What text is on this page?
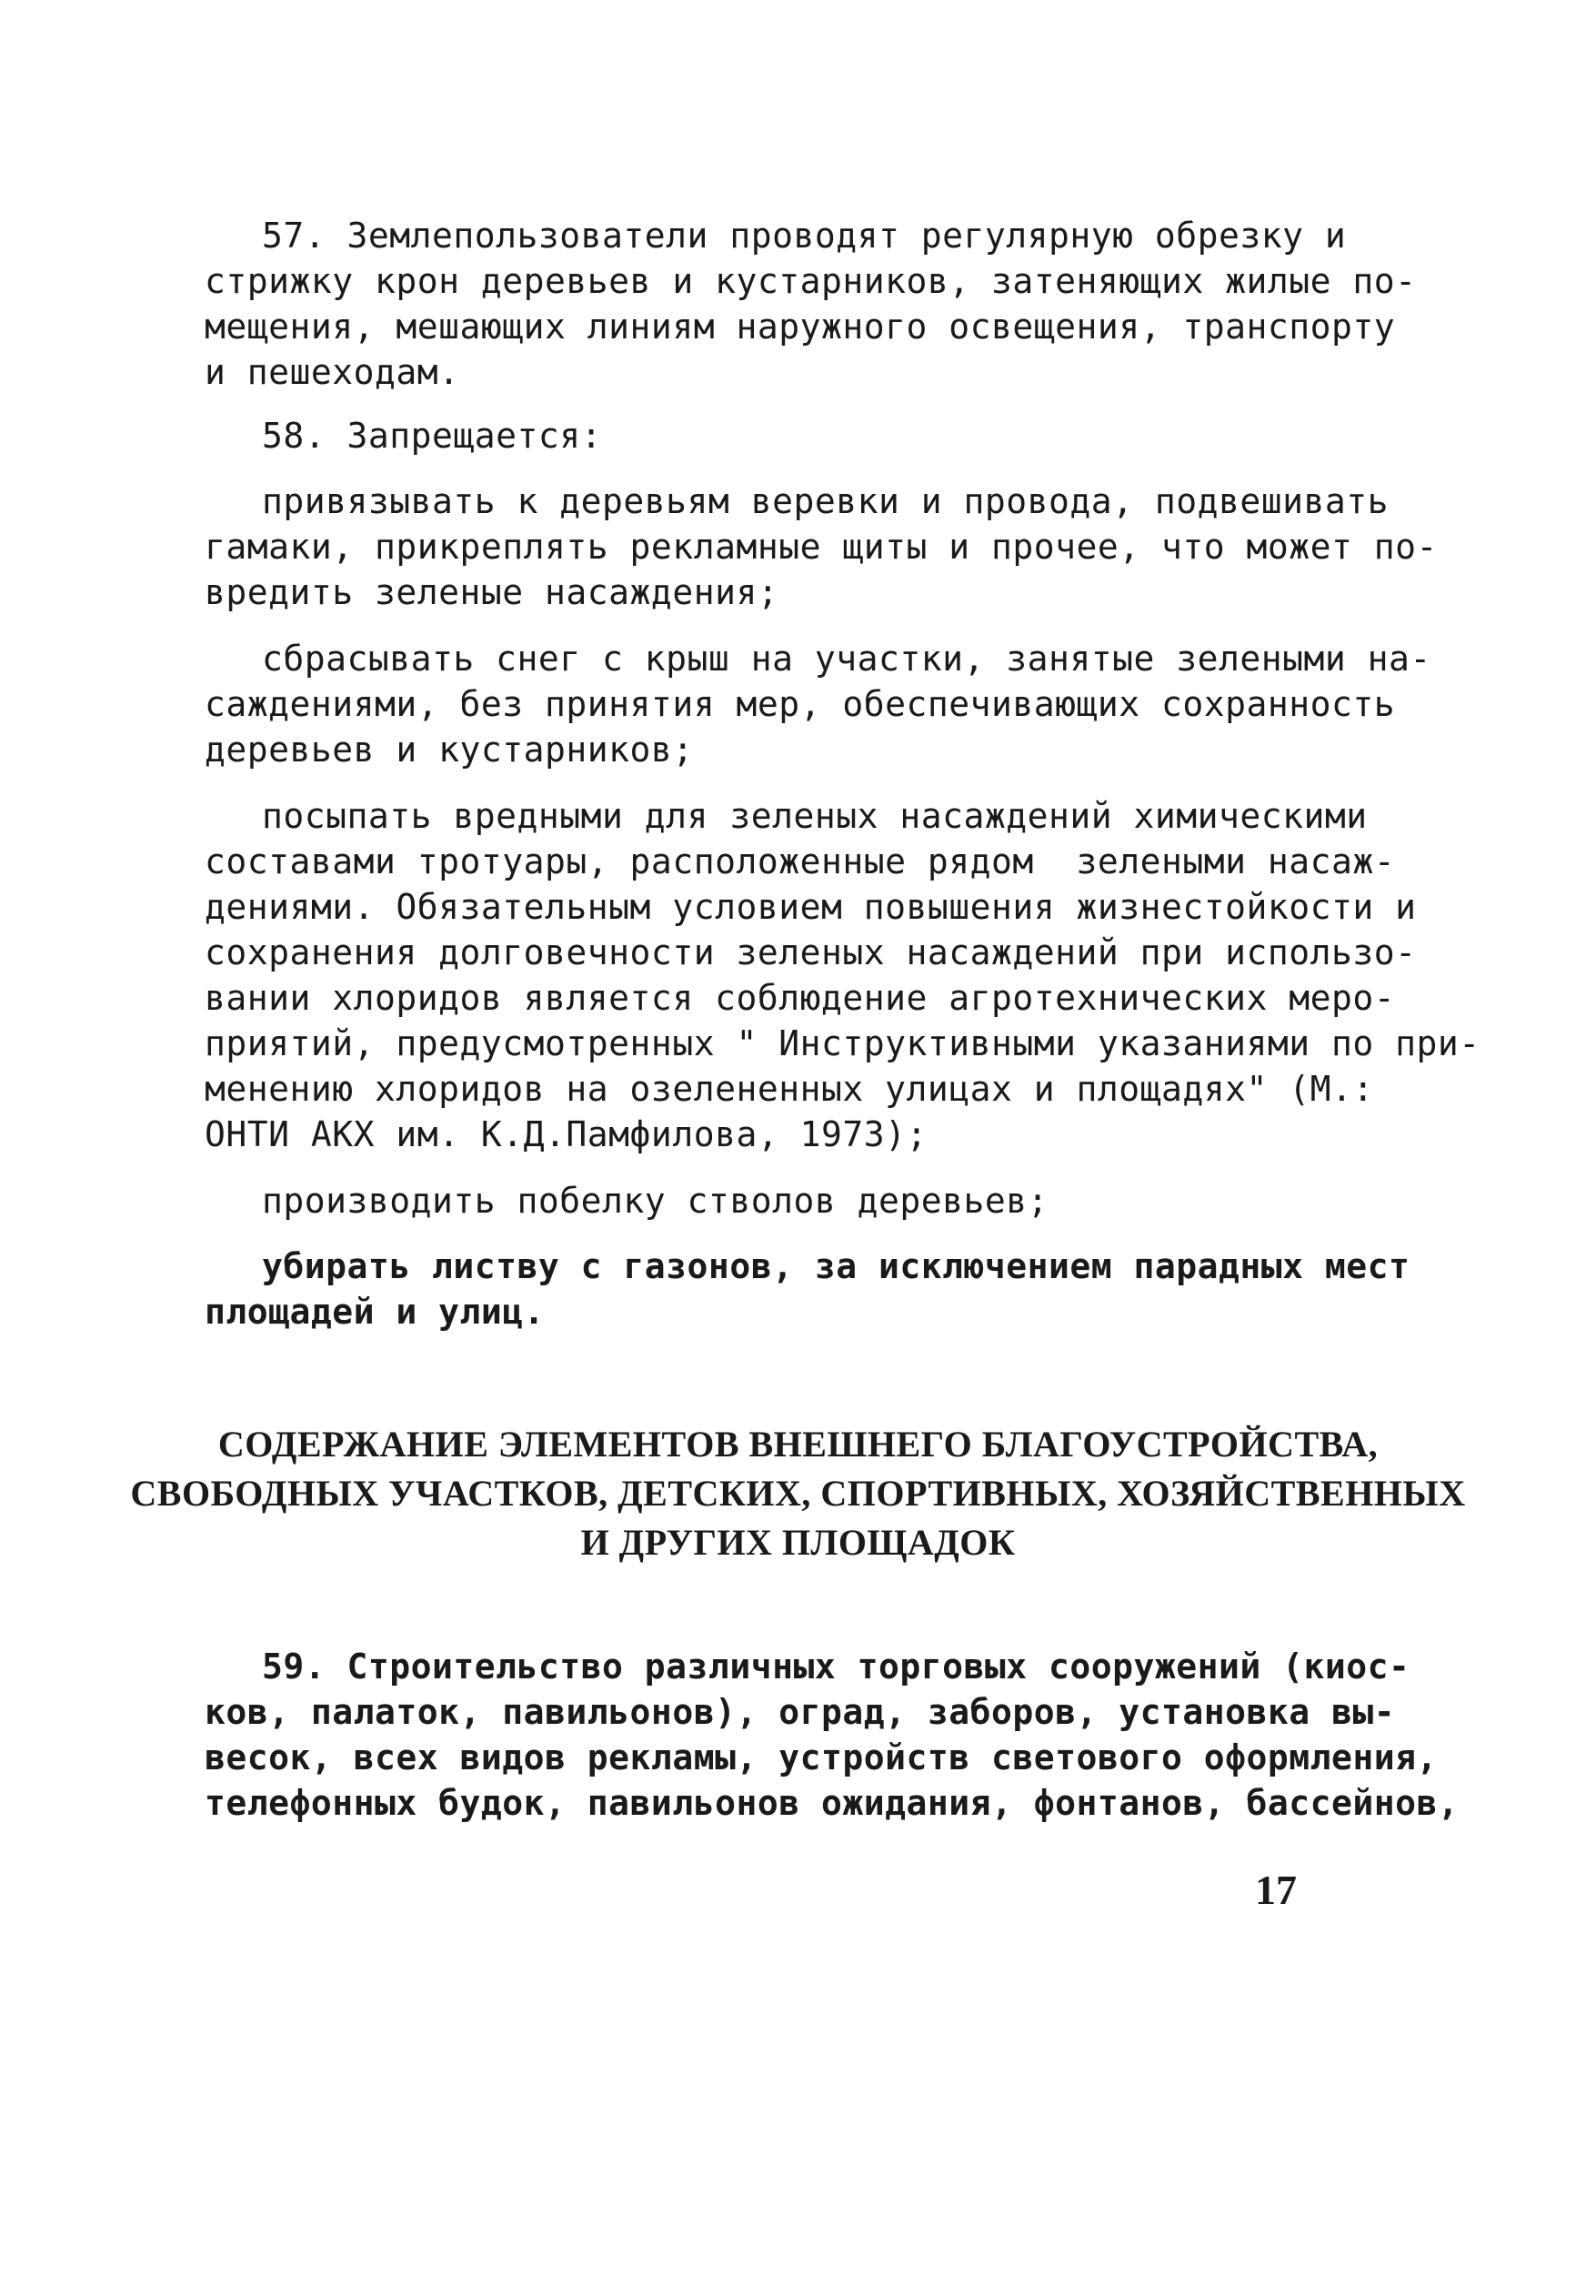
57. Землепользователи проводят регулярную обрезку и
стрижку крон деревьев и кустарников, затеняющих жилые по-
мещения, мешающих линиям наружного освещения, транспорту
и пешеходам.
58. Запрещается:
привязывать к деревьям веревки и провода, подвешивать
гамаки, прикреплять рекламные щиты и прочее, что может по-
вредить зеленые насаждения;
сбрасывать снег с крыш на участки, занятые зелеными на-
саждениями, без принятия мер, обеспечивающих сохранность
деревьев и кустарников;
посыпать вредными для зеленых насаждений химическими
составами тротуары, расположенные рядом  зелеными насаж-
дениями. Обязательным условием повышения жизнестойкости и
сохранения долговечности зеленых насаждений при использо-
вании хлоридов является соблюдение агротехнических меро-
приятий, предусмотренных " Инструктивными указаниями по при-
менению хлоридов на озелененных улицах и площадях" (М.:
ОНТИ АКХ им. К.Д.Памфилова, 1973);
производить побелку стволов деревьев;
убирать листву с газонов, за исключением парадных мест
площадей и улиц.
СОДЕРЖАНИЕ ЭЛЕМЕНТОВ ВНЕШНЕГО БЛАГОУСТРОЙСТВА,
СВОБОДНЫХ УЧАСТКОВ, ДЕТСКИХ, СПОРТИВНЫХ, ХОЗЯЙСТВЕННЫХ
И ДРУГИХ ПЛОЩАДОК
59. Строительство различных торговых сооружений (киос-
ков, палаток, павильонов), оград, заборов, установка вы-
весок, всех видов рекламы, устройств светового оформления,
телефонных будок, павильонов ожидания, фонтанов, бассейнов,
17
